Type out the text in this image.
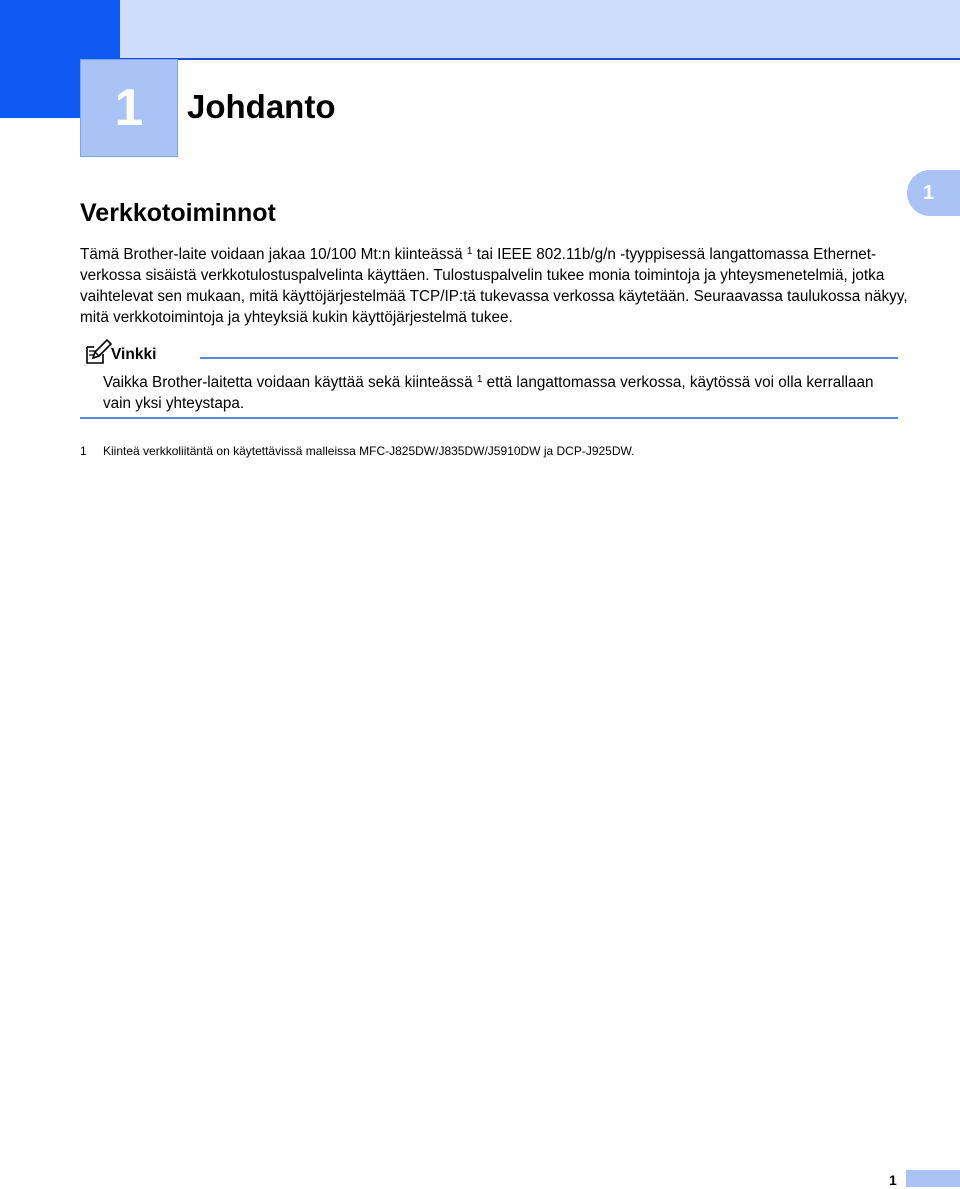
1 Johdanto
1
Verkkotoiminnot

Tämä Brother-laite voidaan jakaa 10/100 Mt:n kiinteässä $^1$ tai IEEE 802.11b/g/n -tyyppisessä langattomassa Ethernet-verkossa sisäistä verkkotulostuspalvelinta käyttäen. Tulostuspalvelin tukee monia toimintoja ja yhteysmenetelmiä, jotka vaihtelevat sen mukaan, mitä käyttöjärjestelmää TCP/IP:tä tukevassa verkossa käytetään. Seuraavassa taulukossa näkyy, mitä verkkotoimintoja ja yhteyksiä kukin käyttöjärjestelmä tukee.

Vinkki

Vaikka Brother-laitetta voidaan käyttää sekä kiinteässä $^1$ että langattomassa verkossa, käytössä voi olla kerrallaan vain yksi yhteystapa.

1 Kiinteä verkkoliitäntä on käytettävissä malleissa MFC-J825DW/J835DW/J5910DW ja DCP-J925DW.
1
